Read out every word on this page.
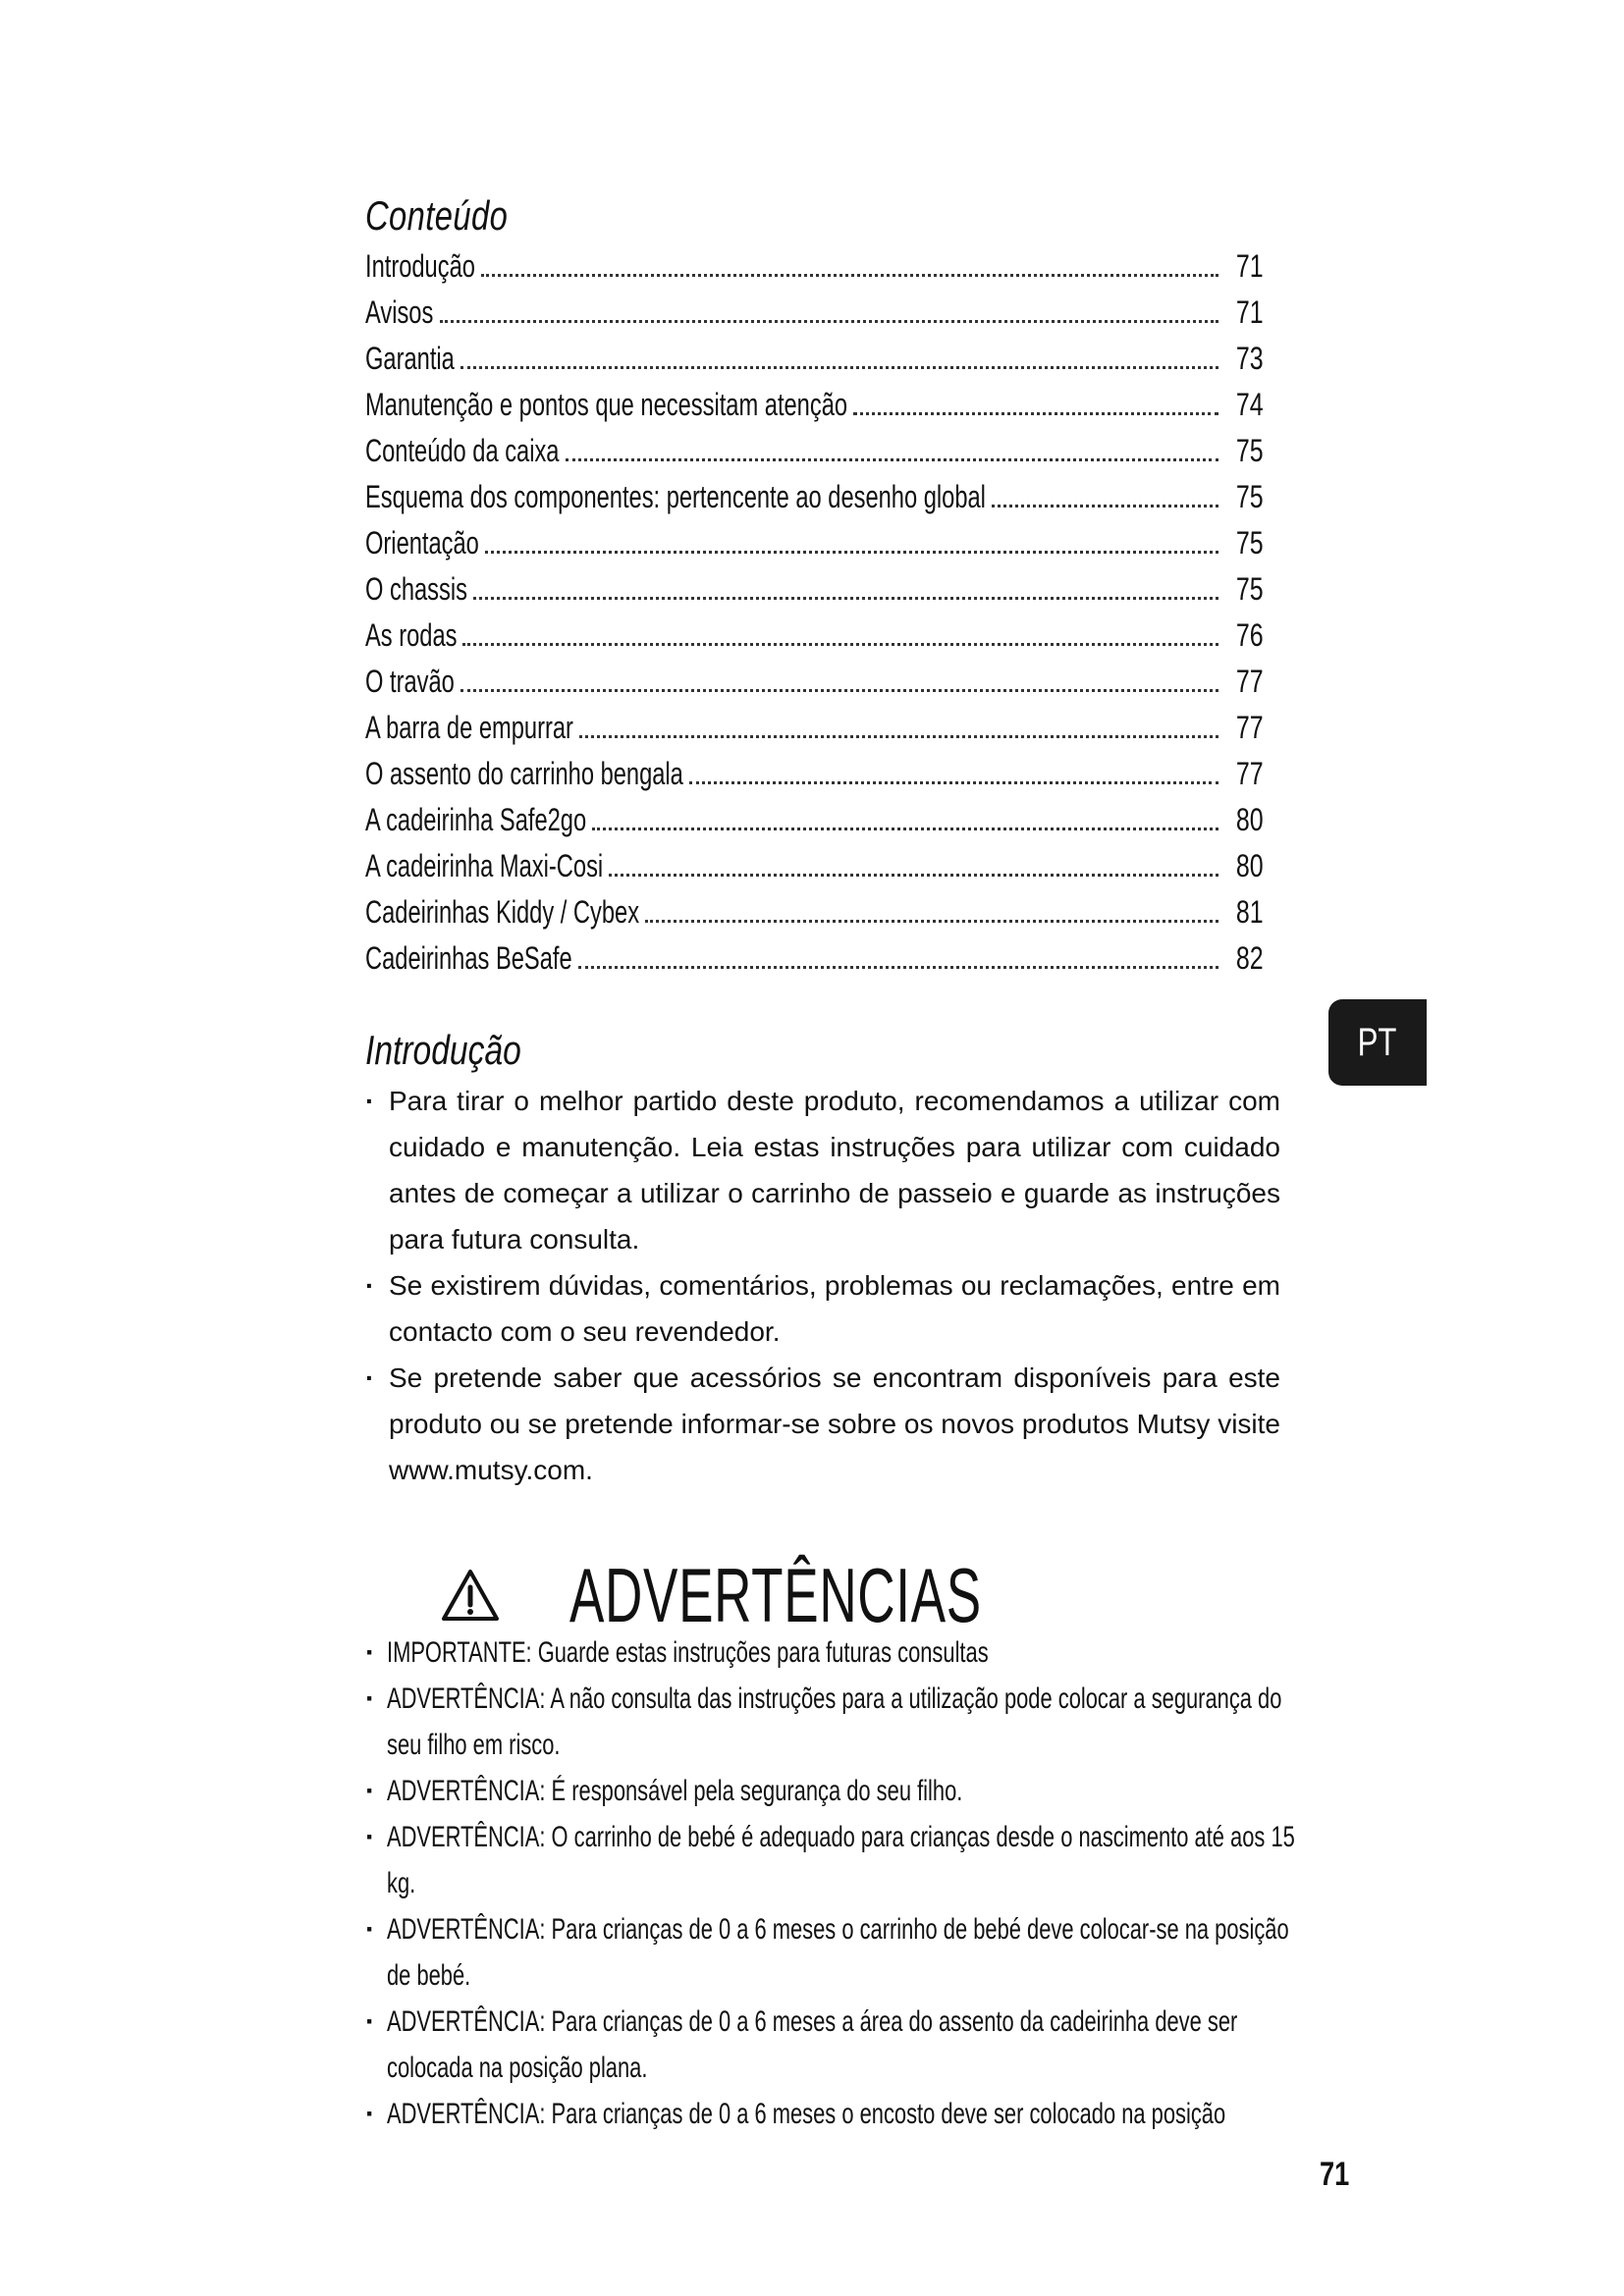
Conteúdo
Introdução	71
Avisos	71
Garantia	73
Manutenção e pontos que necessitam atenção	74
Conteúdo da caixa	75
Esquema dos componentes: pertencente ao desenho global	75
Orientação	75
O chassis	75
As rodas	76
O travão	77
A barra de empurrar	77
O assento do carrinho bengala	77
A cadeirinha Safe2go	80
A cadeirinha Maxi-Cosi	80
Cadeirinhas Kiddy / Cybex	81
Cadeirinhas BeSafe	82
PT
Introdução
· Para tirar o melhor partido deste produto, recomendamos a utilizar com cuidado e manutenção. Leia estas instruções para utilizar com cuidado antes de começar a utilizar o carrinho de passeio e guarde as instruções para futura consulta.
· Se existirem dúvidas, comentários, problemas ou reclamações, entre em contacto com o seu revendedor.
· Se pretende saber que acessórios se encontram disponíveis para este produto ou se pretende informar-se sobre os novos produtos Mutsy visite www.mutsy.com.
ADVERTÊNCIAS
· IMPORTANTE: Guarde estas instruções para futuras consultas
· ADVERTÊNCIA: A não consulta das instruções para a utilização pode colocar a segurança do seu filho em risco.
· ADVERTÊNCIA: É responsável pela segurança do seu filho.
· ADVERTÊNCIA: O carrinho de bebé é adequado para crianças desde o nascimento até aos 15 kg.
· ADVERTÊNCIA: Para crianças de 0 a 6 meses o carrinho de bebé deve colocar-se na posição de bebé.
· ADVERTÊNCIA: Para crianças de 0 a 6 meses a área do assento da cadeirinha deve ser colocada na posição plana.
· ADVERTÊNCIA: Para crianças de 0 a 6 meses o encosto deve ser colocado na posição
71
